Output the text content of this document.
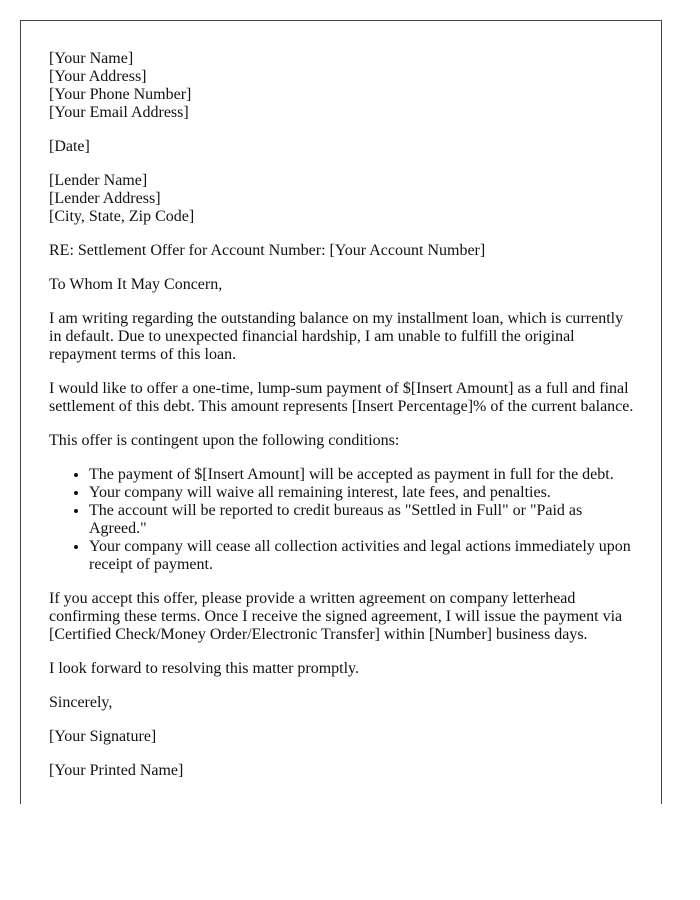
[Your Name]
[Your Address]
[Your Phone Number]
[Your Email Address]

[Date]

[Lender Name]
[Lender Address]
[City, State, Zip Code]

RE: Settlement Offer for Account Number: [Your Account Number]

To Whom It May Concern,

I am writing regarding the outstanding balance on my installment loan, which is currently in default. Due to unexpected financial hardship, I am unable to fulfill the original repayment terms of this loan.

I would like to offer a one-time, lump-sum payment of $[Insert Amount] as a full and final settlement of this debt. This amount represents [Insert Percentage]% of the current balance.

This offer is contingent upon the following conditions:

• The payment of $[Insert Amount] will be accepted as payment in full for the debt.
• Your company will waive all remaining interest, late fees, and penalties.
• The account will be reported to credit bureaus as "Settled in Full" or "Paid as Agreed."
• Your company will cease all collection activities and legal actions immediately upon receipt of payment.

If you accept this offer, please provide a written agreement on company letterhead confirming these terms. Once I receive the signed agreement, I will issue the payment via [Certified Check/Money Order/Electronic Transfer] within [Number] business days.

I look forward to resolving this matter promptly.

Sincerely,

[Your Signature]

[Your Printed Name]
